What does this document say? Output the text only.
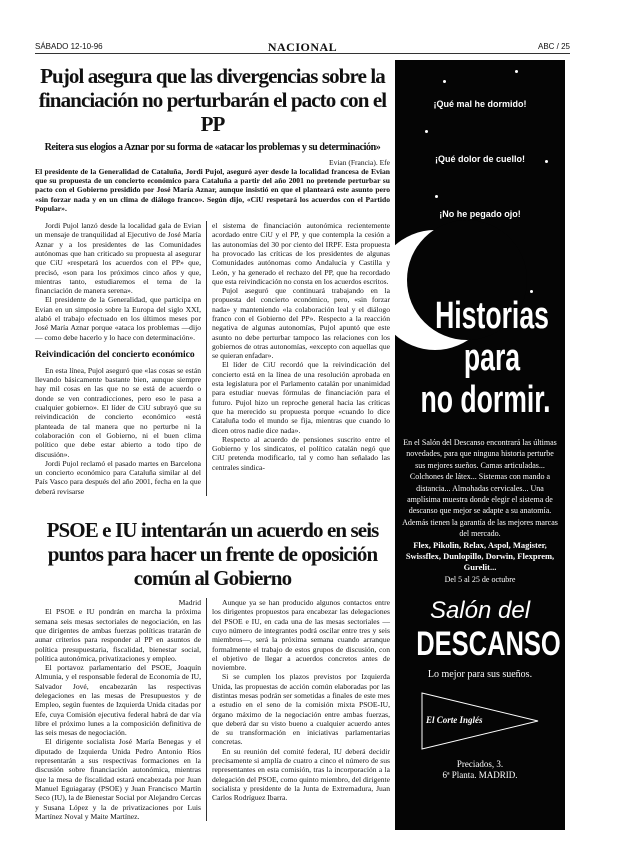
SÁBADO 12-10-96	NACIONAL	ABC / 25
Pujol asegura que las divergencias sobre la financiación no perturbarán el pacto con el PP
Reitera sus elogios a Aznar por su forma de «atacar los problemas y su determinación»
Evian (Francia). Efe
El presidente de la Generalidad de Cataluña, Jordi Pujol, aseguró ayer desde la localidad francesa de Evian que su propuesta de un concierto económico para Cataluña a partir del año 2001 no pretende perturbar su pacto con el Gobierno presidido por José María Aznar, aunque insistió en que el planteará este asunto pero «sin forzar nada y en un clima de diálogo franco». Según dijo, «CiU respetará los acuerdos con el Partido Popular».

Jordi Pujol lanzó desde la localidad gala de Evian un mensaje de tranquilidad al Ejecutivo de José María Aznar y a los presidentes de las Comunidades autónomas que han criticado su propuesta al asegurar que CiU «respetará los acuerdos con el PP» que, precisó, «son para los próximos cinco años y que, mientras tanto, estudiaremos el tema de la financiación de manera serena».

El presidente de la Generalidad, que participa en Evian en un simposio sobre la Europa del siglo XXI, alabó el trabajo efectuado en los últimos meses por José María Aznar porque «ataca los problemas —dijo— como debe hacerlo y lo hace con determinación».

Reivindicación del concierto económico

En esta línea, Pujol aseguró que «las cosas se están llevando básicamente bastante bien, aunque siempre hay mil cosas en las que no se está de acuerdo o donde se ven contradicciones, pero eso le pasa a cualquier gobierno». El líder de CiU subrayó que su reivindicación de concierto económico «está planteada de tal manera que no perturbe ni la colaboración con el Gobierno, ni el buen clima político que debe estar abierto a todo tipo de discusión».

Jordi Pujol reclamó el pasado martes en Barcelona un concierto económico para Cataluña similar al del País Vasco para después del año 2001, fecha en la que deberá revisarse

el sistema de financiación autonómica recientemente acordado entre CiU y el PP, y que contempla la cesión a las autonomías del 30 por ciento del IRPF. Esta propuesta ha provocado las críticas de los presidentes de algunas Comunidades autónomas como Andalucía y Castilla y León, y ha generado el rechazo del PP, que ha recordado que esta reivindicación no consta en los acuerdos escritos.

Pujol aseguró que continuará trabajando en la propuesta del concierto económico, pero, «sin forzar nada» y manteniendo «la colaboración leal y el diálogo franco con el Gobierno del PP». Respecto a la reacción negativa de algunas autonomías, Pujol apuntó que este asunto no debe perturbar tampoco las relaciones con los gobiernos de otras autonomías, «excepto con aquellas que se quieran enfadar».

El líder de CiU recordó que la reivindicación del concierto está en la línea de una resolución aprobada en esta legislatura por el Parlamento catalán por unanimidad para estudiar nuevas fórmulas de financiación para el futuro. Pujol hizo un reproche general hacia las críticas que ha merecido su propuesta porque «cuando lo dice Cataluña todo el mundo se fija, mientras que cuando lo dicen otros nadie dice nada».

Respecto al acuerdo de pensiones suscrito entre el Gobierno y los sindicatos, el político catalán negó que CiU pretenda modificarlo, tal y como han señalado las centrales sindica-

PSOE e IU intentarán un acuerdo en seis puntos para hacer un frente de oposición común al Gobierno
Madrid

El PSOE e IU pondrán en marcha la próxima semana seis mesas sectoriales de negociación, en las que dirigentes de ambas fuerzas políticas tratarán de aunar criterios para responder al PP en asuntos de política presupuestaria, fiscalidad, bienestar social, política autonómica, privatizaciones y empleo.

El portavoz parlamentario del PSOE, Joaquín Almunia, y el responsable federal de Economía de IU, Salvador Jové, encabezarán las respectivas delegaciones en las mesas de Presupuestos y de Empleo, según fuentes de Izquierda Unida citadas por Efe, cuya Comisión ejecutiva federal habrá de dar vía libre el próximo lunes a la composición definitiva de las seis mesas de negociación.

El dirigente socialista José María Benegas y el diputado de Izquierda Unida Pedro Antonio Ríos representarán a sus respectivas formaciones en la discusión sobre financiación autonómica, mientras que la mesa de fiscalidad estará encabezada por Juan Manuel Eguiagaray (PSOE) y Juan Francisco Martín Seco (IU), la de Bienestar Social por Alejandro Cercas y Susana López y la de privatizaciones por Luis Martínez Noval y Maite Martínez.

Aunque ya se han producido algunos contactos entre los dirigentes propuestos para encabezar las delegaciones del PSOE e IU, en cada una de las mesas sectoriales —cuyo número de integrantes podrá oscilar entre tres y seis miembros—, será la próxima semana cuando arranque formalmente el trabajo de estos grupos de discusión, con el objetivo de llegar a acuerdos concretos antes de noviembre.

Si se cumplen los plazos previstos por Izquierda Unida, las propuestas de acción común elaboradas por las distintas mesas podrán ser sometidas a finales de este mes a estudio en el seno de la comisión mixta PSOE-IU, órgano máximo de la negociación entre ambas fuerzas, que deberá dar su visto bueno a cualquier acuerdo antes de su transformación en iniciativas parlamentarias concretas.

En su reunión del comité federal, IU deberá decidir precisamente si amplía de cuatro a cinco el número de sus representantes en esta comisión, tras la incorporación a la delegación del PSOE, como quinto miembro, del dirigente socialista y presidente de la Junta de Extremadura, Juan Carlos Rodríguez Ibarra.

¡Qué mal he dormido!
¡Qué dolor de cuello!
¡No he pegado ojo!
Historias
para
no dormir.
En el Salón del Descanso encontrará las últimas novedades, para que ninguna historia perturbe sus mejores sueños. Camas articuladas... Colchones de látex... Sistemas con mando a distancia... Almohadas cervicales... Una amplísima muestra donde elegir el sistema de descanso que mejor se adapte a su anatomía. Además tienen la garantía de las mejores marcas del mercado.
Flex, Pikolin, Relax, Aspol, Magister, Swissflex, Dunlopillo, Dorwin, Flexprem, Gurelit...
Del 5 al 25 de octubre
Salón del
DESCANSO
Lo mejor para sus sueños.
El Corte Inglés
Preciados, 3.
6ª Planta. MADRID.
